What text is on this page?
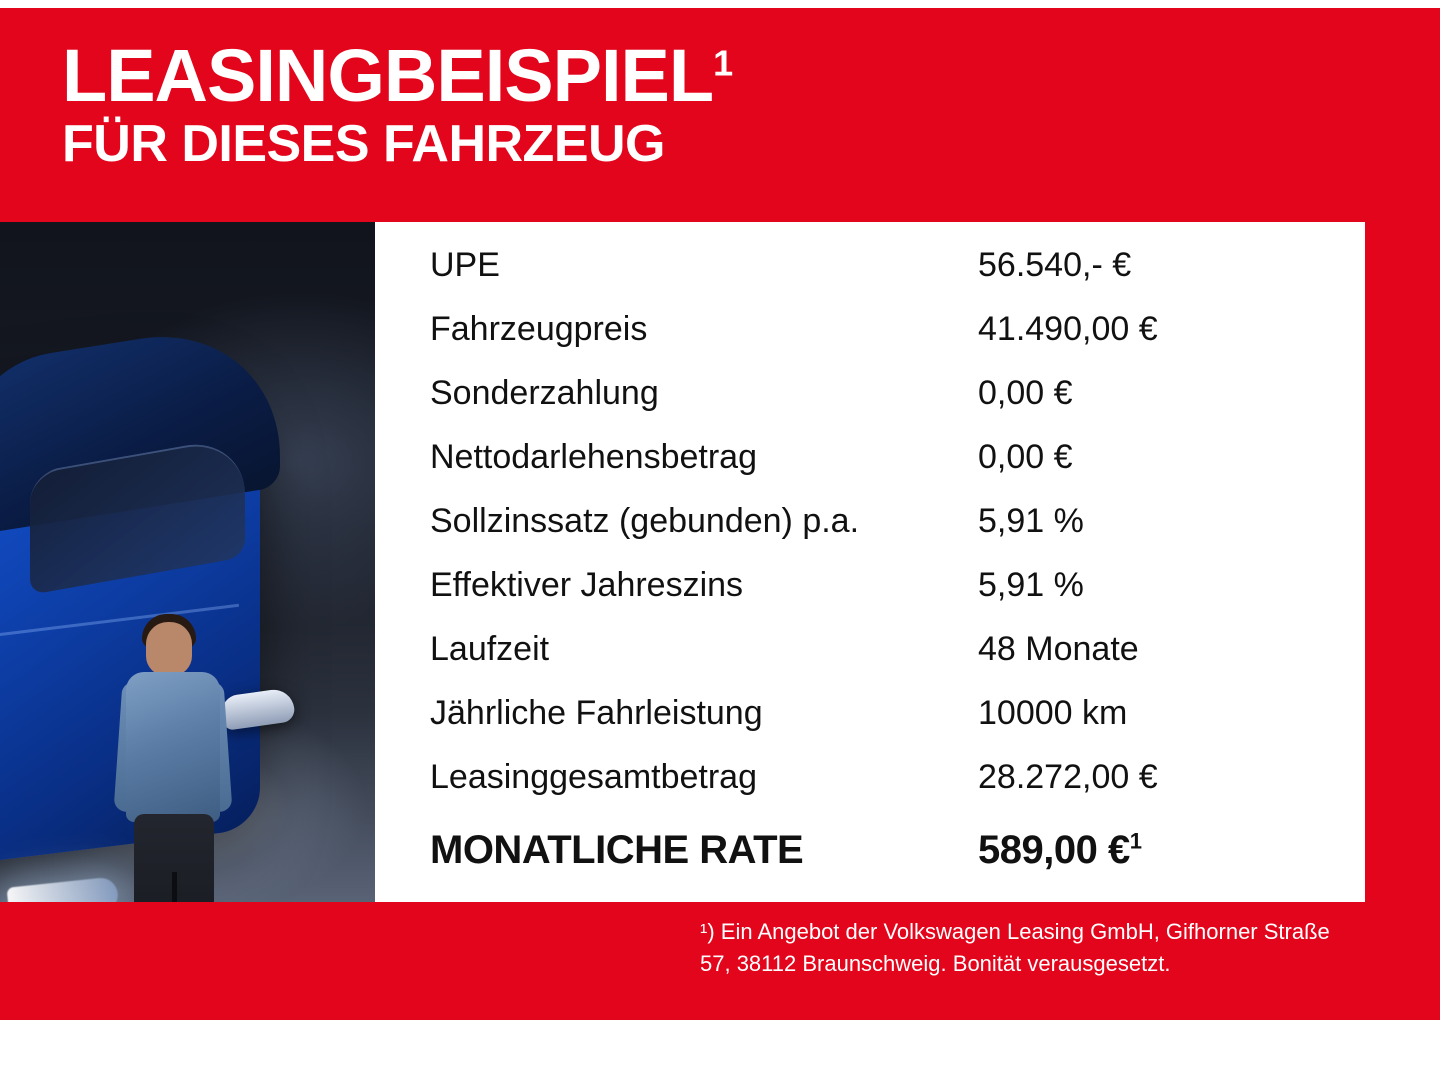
LEASINGBEISPIEL$^1$
FÜR DIESES FAHRZEUG
UPE	56.540,- €
Fahrzeugpreis	41.490,00 €
Sonderzahlung	0,00 €
Nettodarlehensbetrag	0,00 €
Sollzinssatz (gebunden) p.a.	5,91 %
Effektiver Jahreszins	5,91 %
Laufzeit	48 Monate
Jährliche Fahrleistung	10000 km
Leasinggesamtbetrag	28.272,00 €
MONATLICHE RATE	589,00 €$^1$
¹) Ein Angebot der Volkswagen Leasing GmbH, Gifhorner Straße 57, 38112 Braunschweig. Bonität verausgesetzt.
